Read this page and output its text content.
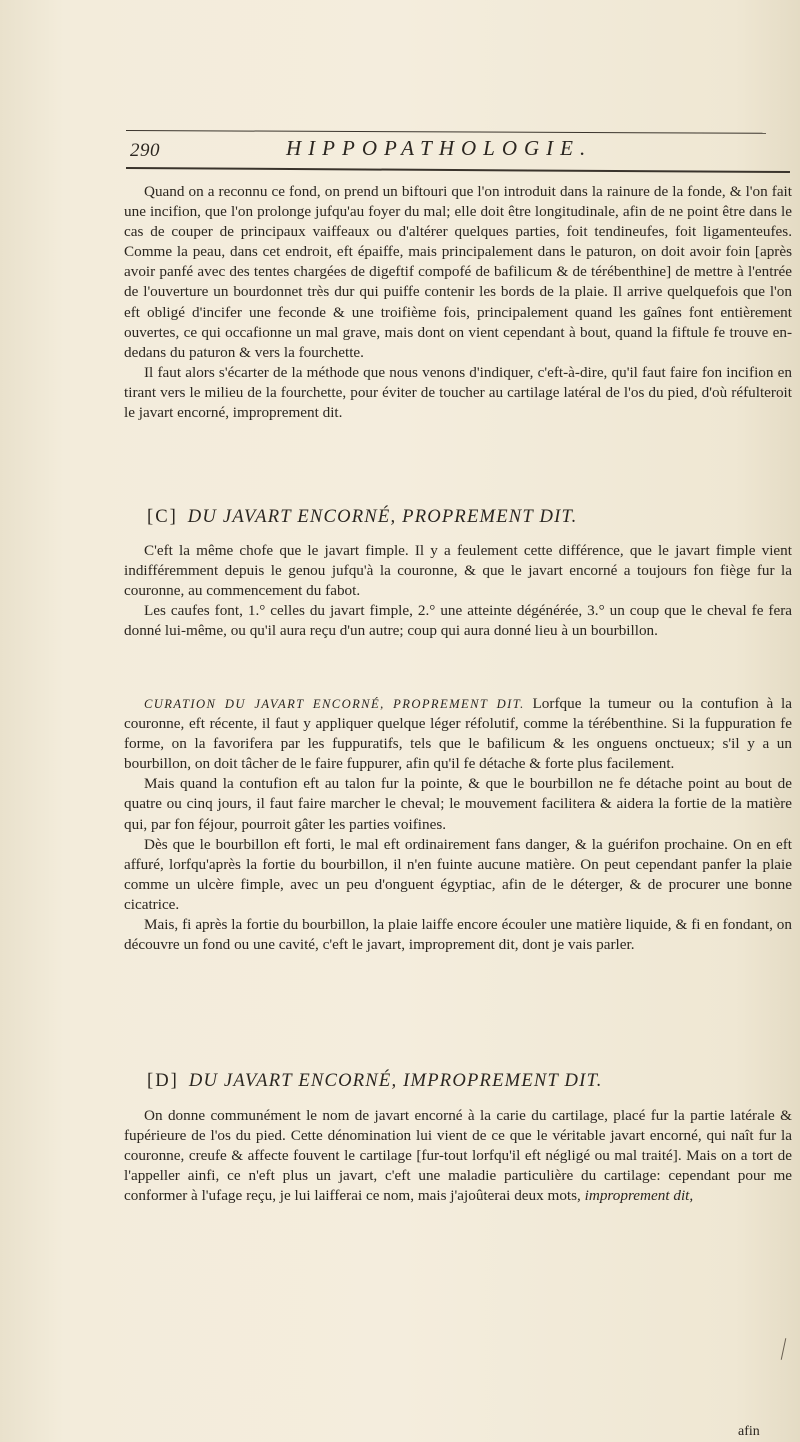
290	HIPPOPATHOLOGIE.

Quand on a reconnu ce fond, on prend un biftouri que l'on introduit dans la rainure de la fonde, & l'on fait une incifion, que l'on prolonge jufqu'au foyer du mal; elle doit être longitudinale, afin de ne point être dans le cas de couper de principaux vaiffeaux ou d'altérer quelques parties, foit tendineufes, foit ligamenteufes. Comme la peau, dans cet endroit, eft épaiffe, mais principalement dans le paturon, on doit avoir foin [après avoir panfé avec des tentes chargées de digeftif compofé de bafilicum & de térébenthine] de mettre à l'entrée de l'ouverture un bourdonnet très dur qui puiffe contenir les bords de la plaie. Il arrive quelquefois que l'on eft obligé d'incifer une feconde & une troifième fois, principalement quand les gaînes font entièrement ouvertes, ce qui occafionne un mal grave, mais dont on vient cependant à bout, quand la fiftule fe trouve en-dedans du paturon & vers la fourchette.

Il faut alors s'écarter de la méthode que nous venons d'indiquer, c'eft-à-dire, qu'il faut faire fon incifion en tirant vers le milieu de la fourchette, pour éviter de toucher au cartilage latéral de l'os du pied, d'où réfulteroit le javart encorné, improprement dit.

[C] DU JAVART ENCORNÉ, PROPREMENT DIT.

C'eft la même chofe que le javart fimple. Il y a feulement cette différence, que le javart fimple vient indifféremment depuis le genou jufqu'à la couronne, & que le javart encorné a toujours fon fiège fur la couronne, au commencement du fabot.

Les caufes font, 1.° celles du javart fimple, 2.° une atteinte dégénérée, 3.° un coup que le cheval fe fera donné lui-même, ou qu'il aura reçu d'un autre; coup qui aura donné lieu à un bourbillon.

CURATION DU JAVART ENCORNÉ, PROPREMENT DIT. Lorfque la tumeur ou la contufion à la couronne, eft récente, il faut y appliquer quelque léger réfolutif, comme la térébenthine. Si la fuppuration fe forme, on la favorifera par les fuppuratifs, tels que le bafilicum & les onguens onctueux; s'il y a un bourbillon, on doit tâcher de le faire fuppurer, afin qu'il fe détache & forte plus facilement.

Mais quand la contufion eft au talon fur la pointe, & que le bourbillon ne fe détache point au bout de quatre ou cinq jours, il faut faire marcher le cheval; le mouvement facilitera & aidera la fortie de la matière qui, par fon féjour, pourroit gâter les parties voifines.

Dès que le bourbillon eft forti, le mal eft ordinairement fans danger, & la guérifon prochaine. On en eft affuré, lorfqu'après la fortie du bourbillon, il n'en fuinte aucune matière. On peut cependant panfer la plaie comme un ulcère fimple, avec un peu d'onguent égyptiac, afin de le déterger, & de procurer une bonne cicatrice.

Mais, fi après la fortie du bourbillon, la plaie laiffe encore écouler une matière liquide, & fi en fondant, on découvre un fond ou une cavité, c'eft le javart, improprement dit, dont je vais parler.

[D] DU JAVART ENCORNÉ, IMPROPREMENT DIT.

On donne communément le nom de javart encorné à la carie du cartilage, placé fur la partie latérale & fupérieure de l'os du pied. Cette dénomination lui vient de ce que le véritable javart encorné, qui naît fur la couronne, creufe & affecte fouvent le cartilage [fur-tout lorfqu'il eft négligé ou mal traité]. Mais on a tort de l'appeller ainfi, ce n'eft plus un javart, c'eft une maladie particulière du cartilage: cependant pour me conformer à l'ufage reçu, je lui laifferai ce nom, mais j'ajoûterai deux mots, improprement dit,

afin
